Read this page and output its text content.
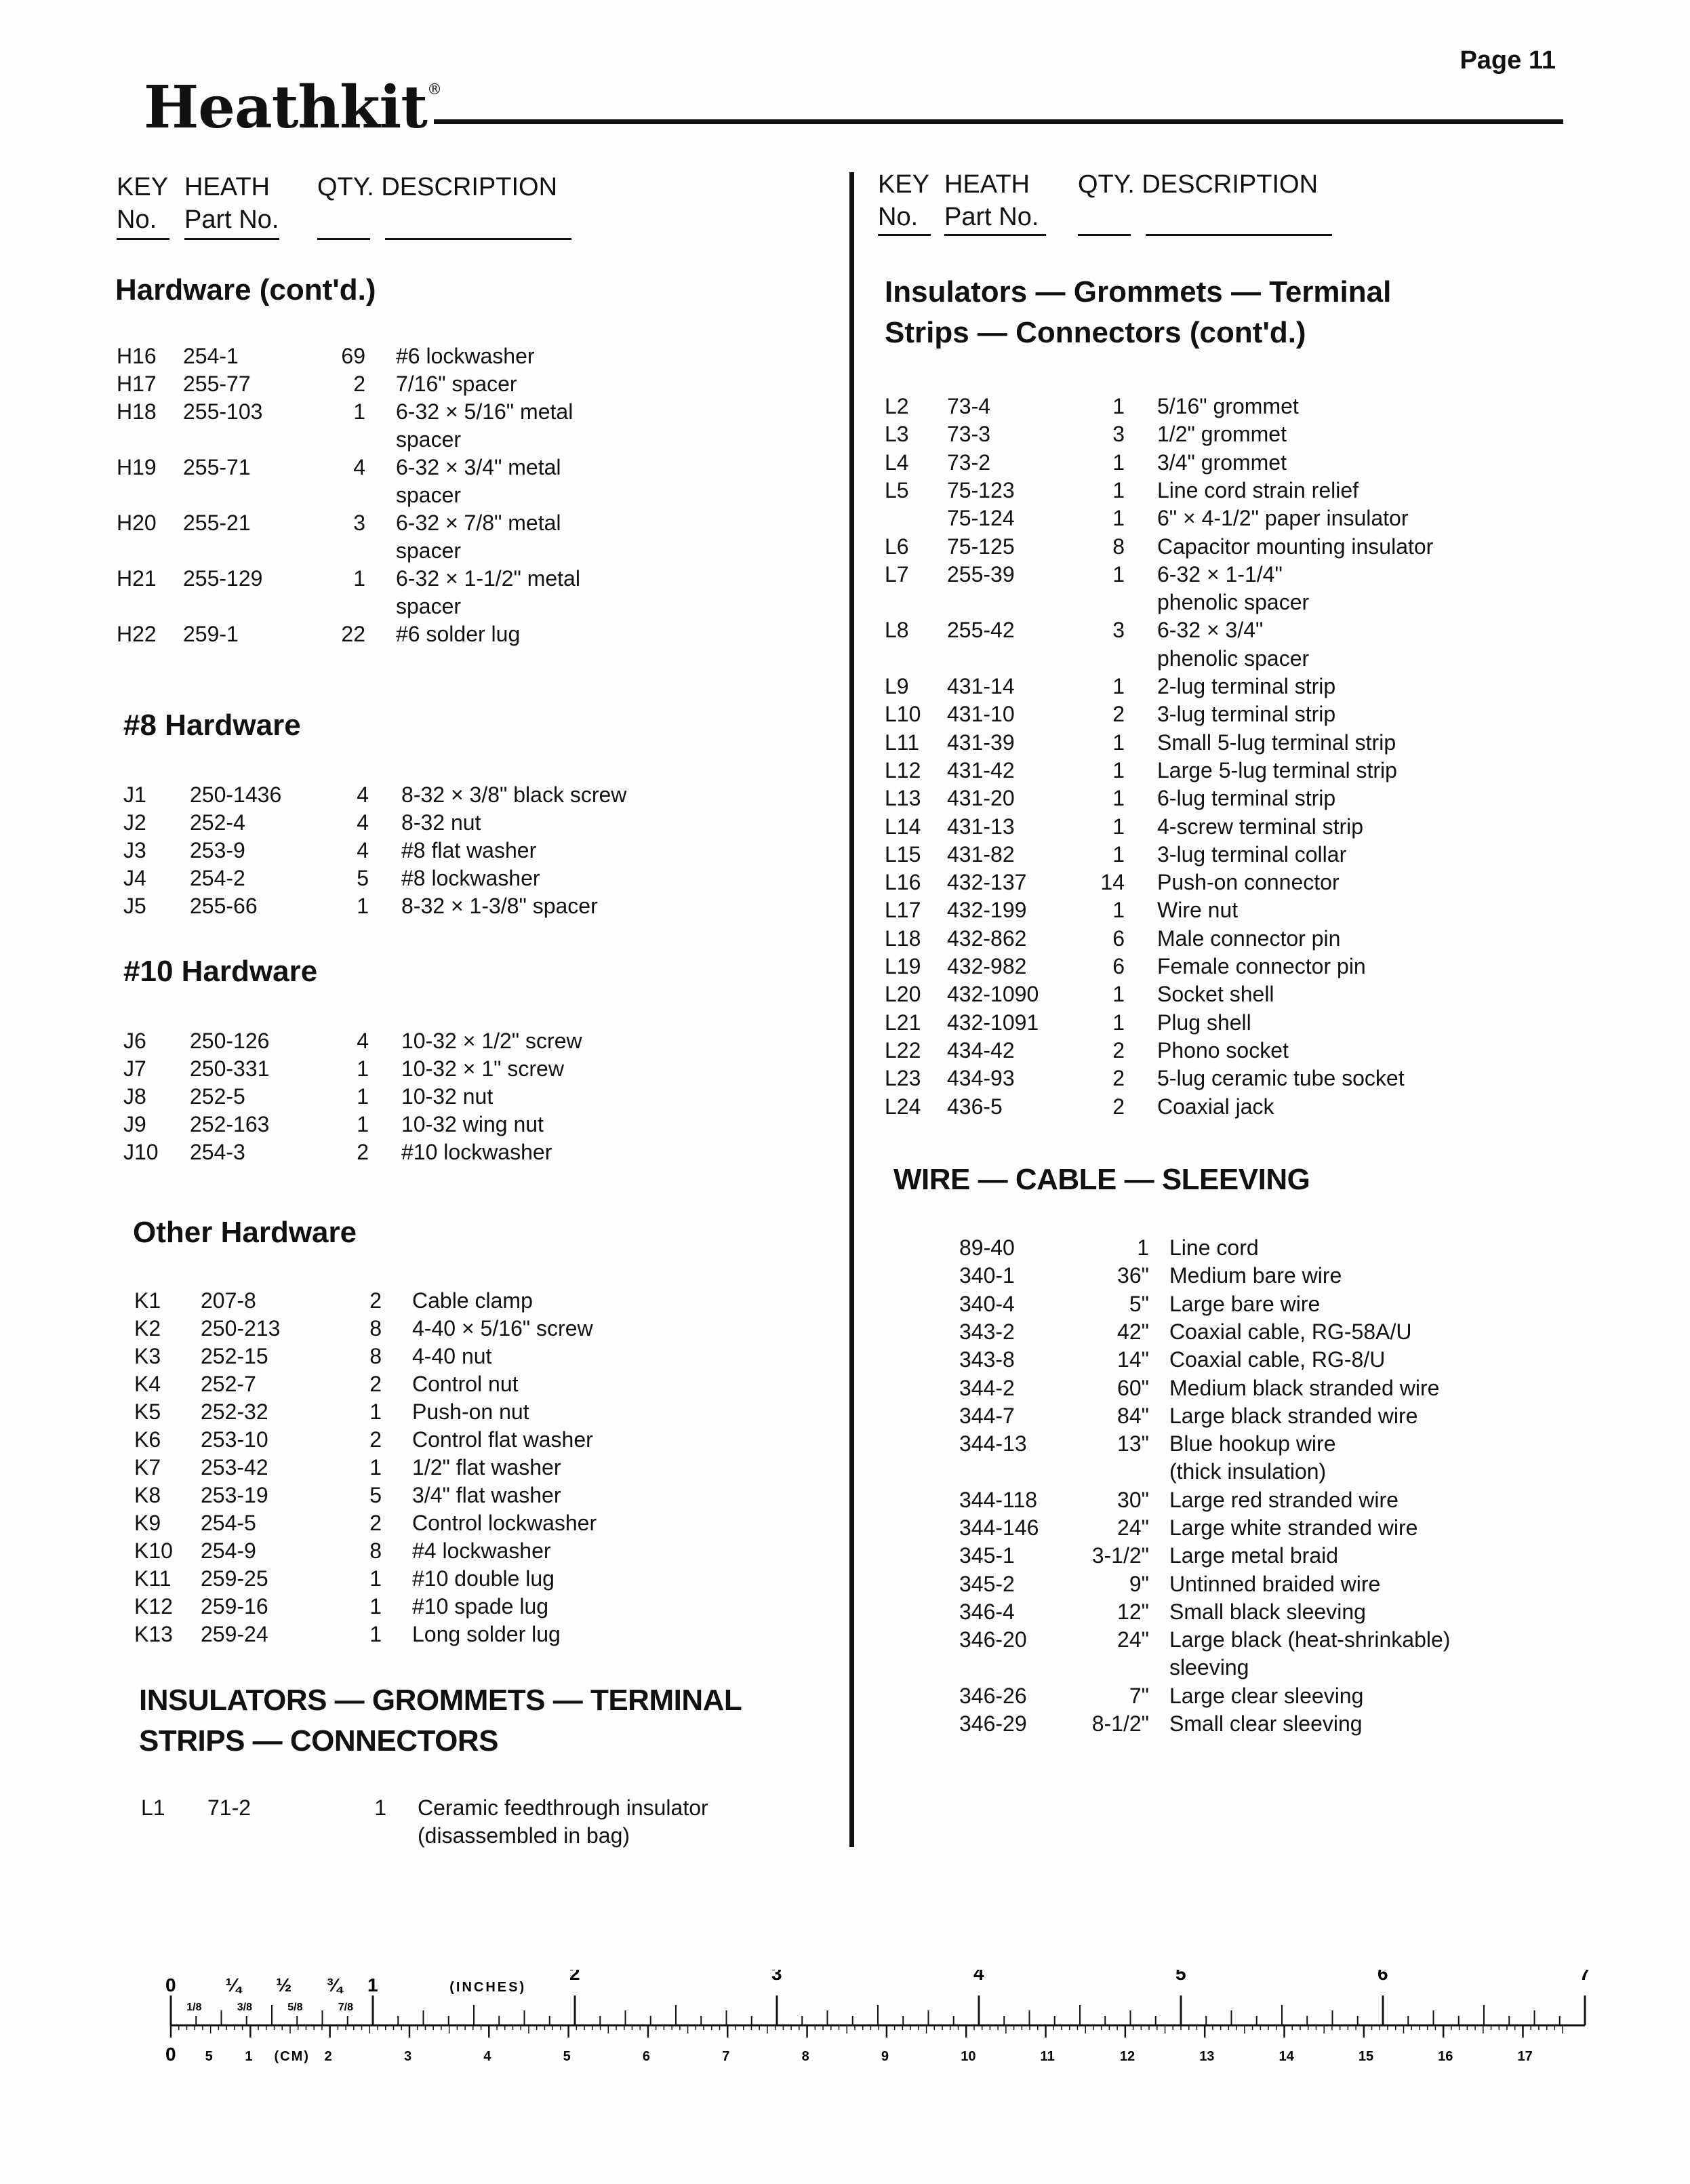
Page 11
Heathkit®
KEY
No.
HEATH
Part No.
QTY. DESCRIPTION	KEY
No.
HEATH
Part No.
QTY. DESCRIPTION
Hardware (cont'd.)
#8 Hardware
#10 Hardware
Other Hardware
INSULATORS — GROMMETS — TERMINAL
STRIPS — CONNECTORS
Insulators — Grommets — Terminal
Strips — Connectors (cont'd.)
WIRE — CABLE — SLEEVING
H16 254-1	69 #6 lockwasher
H17 255-77	2 7/16" spacer
H18 255-103	1 6-32 × 5/16" metal
spacer
H19 255-71	4 6-32 × 3/4" metal
spacer
H20 255-21	3 6-32 × 7/8" metal
spacer
H21 255-129	1 6-32 × 1-1/2" metal
spacer
H22 259-1	22 #6 solder lug
J1 250-1436	4 8-32 × 3/8" black screw
J2 252-4	4 8-32 nut
J3 253-9	4 #8 flat washer
J4 254-2	5 #8 lockwasher
J5 255-66	1 8-32 × 1-3/8" spacer
J6 250-126	4 10-32 × 1/2" screw
J7 250-331	1 10-32 × 1" screw
J8 252-5	1 10-32 nut
J9 252-163	1 10-32 wing nut
J10 254-3	2 #10 lockwasher
K1 207-8	2 Cable clamp
K2 250-213	8 4-40 × 5/16" screw
K3 252-15	8 4-40 nut
K4 252-7	2 Control nut
K5 252-32	1 Push-on nut
K6 253-10	2 Control flat washer
K7 253-42	1 1/2" flat washer
K8 253-19	5 3/4" flat washer
K9 254-5	2 Control lockwasher
K10 254-9	8 #4 lockwasher
K11 259-25	1 #10 double lug
K12 259-16	1 #10 spade lug
K13 259-24	1 Long solder lug
L1 71-2	1 Ceramic feedthrough insulator
(disassembled in bag)
L2 73-4	1 5/16" grommet
L3 73-3	3 1/2" grommet
L4 73-2	1 3/4" grommet
L5 75-123	1 Line cord strain relief
75-124	1 6" × 4-1/2" paper insulator
L6 75-125	8 Capacitor mounting insulator
L7 255-39	1 6-32 × 1-1/4"
phenolic spacer
L8 255-42	3 6-32 × 3/4"
phenolic spacer
L9 431-14	1 2-lug terminal strip
L10 431-10	2 3-lug terminal strip
L11 431-39	1 Small 5-lug terminal strip
L12 431-42	1 Large 5-lug terminal strip
L13 431-20	1 6-lug terminal strip
L14 431-13	1 4-screw terminal strip
L15 431-82	1 3-lug terminal collar
L16 432-137	14 Push-on connector
L17 432-199	1 Wire nut
L18 432-862	6 Male connector pin
L19 432-982	6 Female connector pin
L20 432-1090	1 Socket shell
L21 432-1091	1 Plug shell
L22 434-42	2 Phono socket
L23 434-93	2 5-lug ceramic tube socket
L24 436-5	2 Coaxial jack
89-40	1 Line cord
340-1	36" Medium bare wire
340-4	5" Large bare wire
343-2	42" Coaxial cable, RG-58A/U
343-8	14" Coaxial cable, RG-8/U
344-2	60" Medium black stranded wire
344-7	84" Large black stranded wire
344-13	13" Blue hookup wire
(thick insulation)
344-118	30" Large red stranded wire
344-146	24" Large white stranded wire
345-1	3-1/2" Large metal braid
345-2	9" Untinned braided wire
346-4	12" Small black sleeving
346-20	24" Large black (heat-shrinkable)
sleeving
346-26	7" Large clear sleeving
346-29	8-1/2" Small clear sleeving
0	¼ ½ ¾ 1
2	3	4	5	6	7
(INCHES)
1/8	3/8	5/8	7/8
0 5 1	2	3	4	5	6	7	8	9	10	11	12	13	14	15	16	17
(CM)
